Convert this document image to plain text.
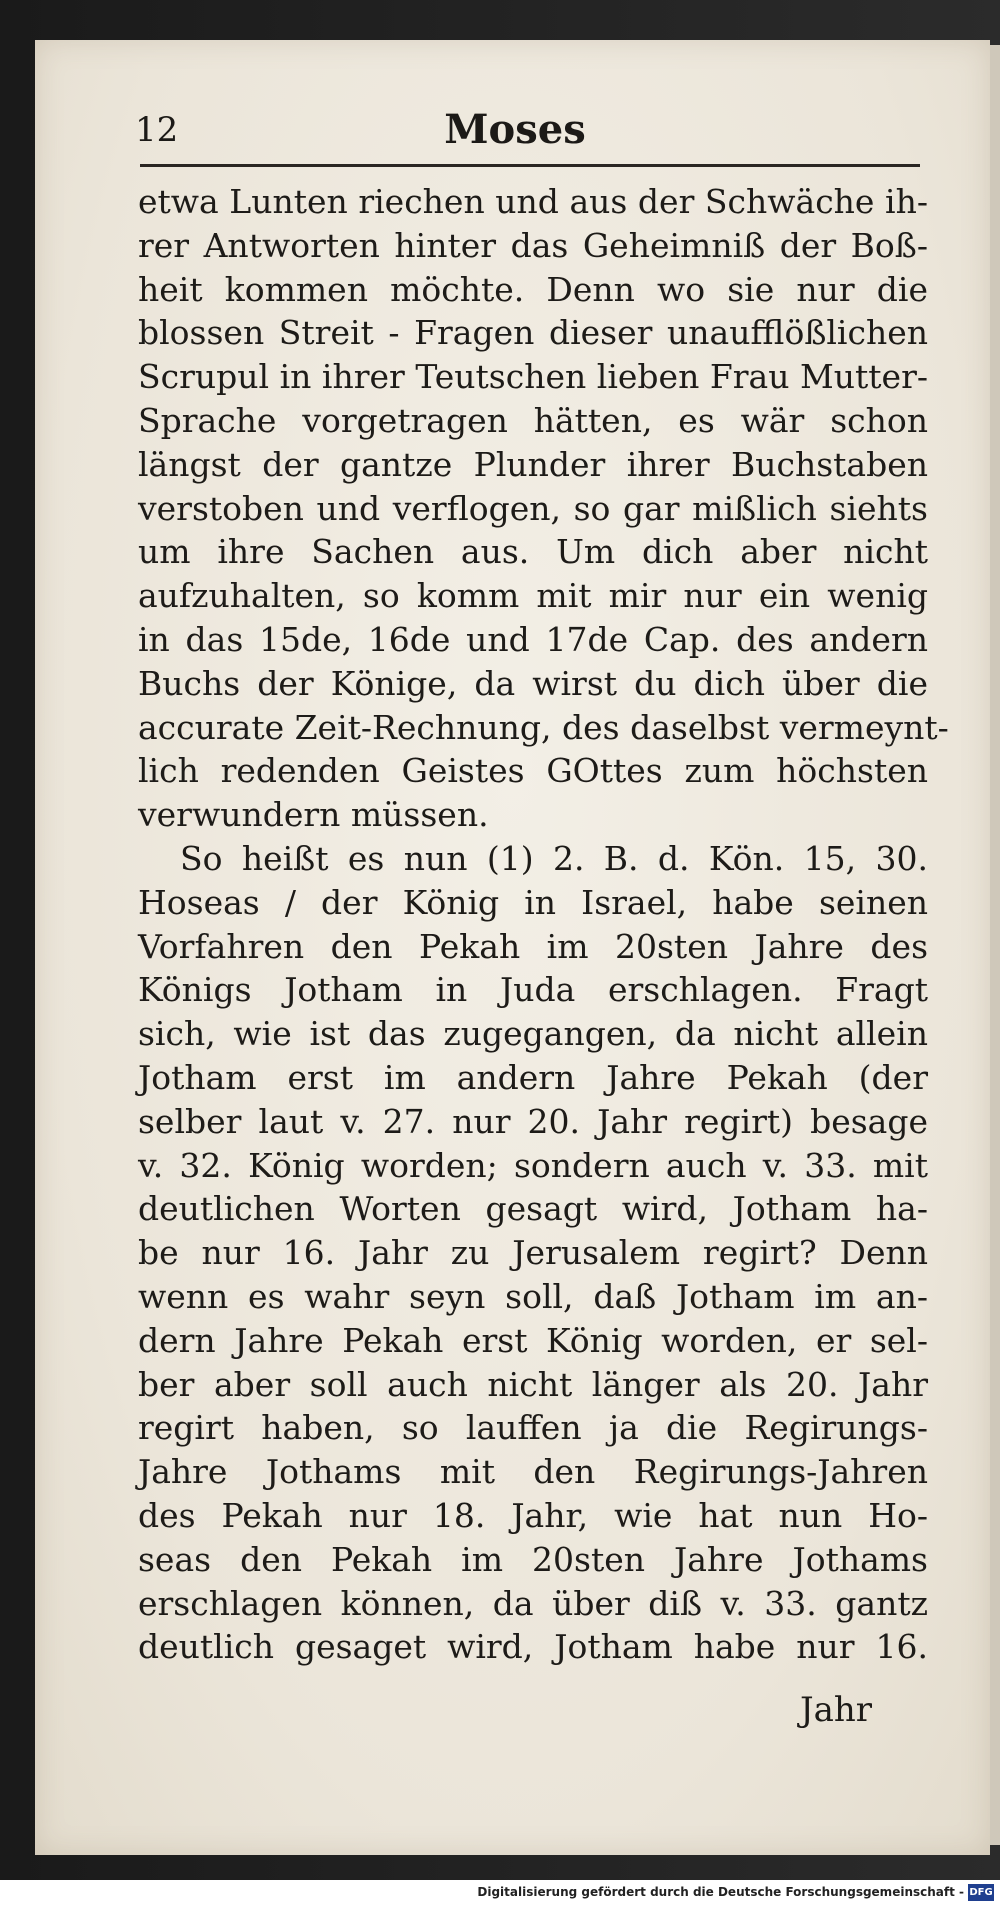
12	Moses
etwa Lunten riechen und aus der Schwäche ih-
rer Antworten hinter das Geheimniß der Boß-
heit kommen möchte. Denn wo sie nur die
blossen Streit - Fragen dieser unaufflößlichen
Scrupul in ihrer Teutschen lieben Frau Mutter-
Sprache vorgetragen hätten, es wär schon
längst der gantze Plunder ihrer Buchstaben
verstoben und verflogen, so gar mißlich siehts
um ihre Sachen aus. Um dich aber nicht
aufzuhalten, so komm mit mir nur ein wenig
in das 15de, 16de und 17de Cap. des andern
Buchs der Könige, da wirst du dich über die
accurate Zeit-Rechnung, des daselbst vermeynt-
lich redenden Geistes GOttes zum höchsten
verwundern müssen.
So heißt es nun (1) 2. B. d. Kön. 15, 30.
Hoseas / der König in Israel, habe seinen
Vorfahren den Pekah im 20sten Jahre des
Königs Jotham in Juda erschlagen. Fragt
sich, wie ist das zugegangen, da nicht allein
Jotham erst im andern Jahre Pekah (der
selber laut v. 27. nur 20. Jahr regirt) besage
v. 32. König worden; sondern auch v. 33. mit
deutlichen Worten gesagt wird, Jotham ha-
be nur 16. Jahr zu Jerusalem regirt? Denn
wenn es wahr seyn soll, daß Jotham im an-
dern Jahre Pekah erst König worden, er sel-
ber aber soll auch nicht länger als 20. Jahr
regirt haben, so lauffen ja die Regirungs-
Jahre Jothams mit den Regirungs-Jahren
des Pekah nur 18. Jahr, wie hat nun Ho-
seas den Pekah im 20sten Jahre Jothams
erschlagen können, da über diß v. 33. gantz
deutlich gesaget wird, Jotham habe nur 16.
Jahr
Digitalisierung gefördert durch die Deutsche Forschungsgemeinschaft - DFG
